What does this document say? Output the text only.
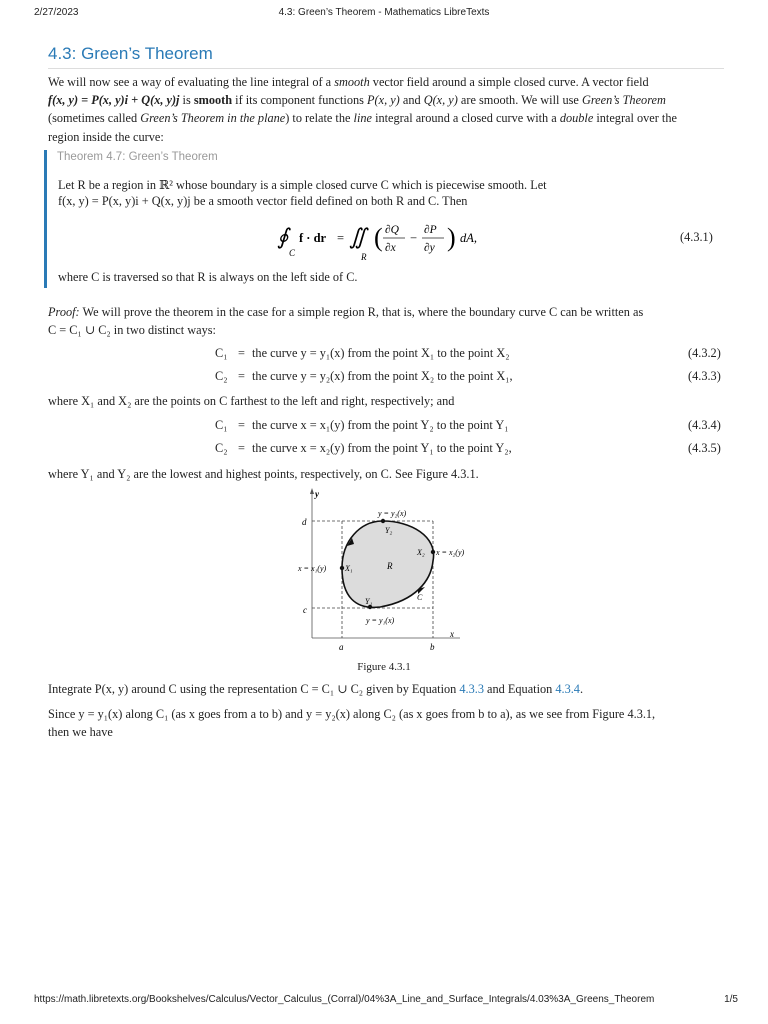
2/27/2023	4.3: Green’s Theorem - Mathematics LibreTexts
4.3: Green’s Theorem

We will now see a way of evaluating the line integral of a smooth vector field around a simple closed curve. A vector field
f(x, y) = P(x, y)i + Q(x, y)j is smooth if its component functions P(x, y) and Q(x, y) are smooth. We will use Green’s Theorem
(sometimes called Green’s Theorem in the plane) to relate the line integral around a closed curve with a double integral over the
region inside the curve:

Theorem 4.7: Green’s Theorem

Let R be a region in ℝ² whose boundary is a simple closed curve C which is piecewise smooth. Let

f(x, y) = P(x, y)i + Q(x, y)j be a smooth vector field defined on both R and C. Then

∮
C
f · dr = ∬
R
( ∂Q
∂x
−
∂P
∂y ) dA,	(4.3.1)

where C is traversed so that R is always on the left side of C.

Proof: We will prove the theorem in the case for a simple region R, that is, where the boundary curve C can be written as
C = C₁ ∪ C₂ in two distinct ways:

C₁ = the curve y = y₁(x) from the point X₁ to the point X₂	(4.3.2)
C₂ = the curve y = y₂(x) from the point X₂ to the point X₁,	(4.3.3)

where X₁ and X₂ are the points on C farthest to the left and right, respectively; and

C₁ = the curve x = x₁(y) from the point Y₂ to the point Y₁	(4.3.4)
C₂ = the curve x = x₂(y) from the point Y₁ to the point Y₂,	(4.3.5)

where Y₁ and Y₂ are the lowest and highest points, respectively, on C. See Figure 4.3.1.

y
x
d
c
a	b
y = y₂(x)
Y₂
X₂ x = x₂(y)
x = x₁(y) X₁	R
C
Y₁
y = y₁(x)
Figure 4.3.1

Integrate P(x, y) around C using the representation C = C₁ ∪ C₂ given by Equation 4.3.3 and Equation 4.3.4.

Since y = y₁(x) along C₁ (as x goes from a to b) and y = y₂(x) along C₂ (as x goes from b to a), as we see from Figure 4.3.1,
then we have

https://math.libretexts.org/Bookshelves/Calculus/Vector_Calculus_(Corral)/04%3A_Line_and_Surface_Integrals/4.03%3A_Greens_Theorem	1/5
